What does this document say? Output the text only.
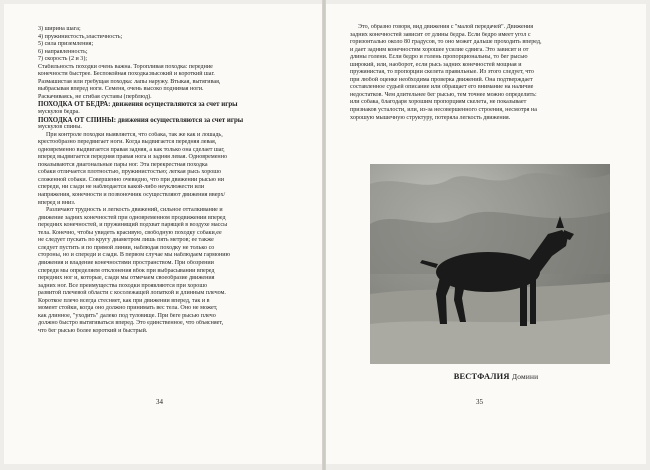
3) ширина шага;
4) пружинистость,эластичность;
5) сила приземления;
6) направленность;
7) скорость (2 и 3);
Стабильность походки очень важна. Торопливая походка: передние
конечности быстрее. Беспокойная походка:высокий и короткий шаг.
Размашистая или гребущая походка: лапы наружу. Втыкая, вытягивая,
выбрасывая вперед ноги. Семеня, очень высоко поднимая ноги.
Раскачиваясь, не сгибая суставы (перблюд).
ПОХОДКА ОТ БЕДРА: движения осуществляются за счет игры
мускулов бедра.
ПОХОДКА ОТ СПИНЫ: движения осуществляются за счет игры
мускулов спины.
При контроле походки выявляется, что собака, так же как и лошадь,
крестообразно передвигает ноги. Когда выдвигается передняя левая,
одновременно выдвигается правая задняя, а как только она сделает шаг,
вперед выдвигается передняя правая нога и задняя левая. Одновременно
показываются диагональные пары ног. Эта перекрестная походка
собаки отличается плотностью, пружинистостью; легкая рысь хорошо
сложенной собаки. Совершенно очевидно, что при движении рысью ни
спереди, ни сзади не наблюдается какой-либо неуклюжести или
напряжения, конечности и позвоночник осуществляют движения вверх/
вперед и вниз.
Различают трудность и легкость движений, сильное отталкивание и
движение задних конечностей при одновременном продвижении вперед
передних конечностей, и пружинящий подхват парящей в воздухе массы
тела. Конечно, чтобы увидеть красивую, свободную походку собаки,ее
не следует пускать по кругу диаметром лишь пять метров; ее также
следует пустить и по прямой линии, наблюдая походку не только со
стороны, но и спереди и сзади. В первом случае мы наблюдаем гармонию
движения и владение конечностями пространством. При обозрении
спереди мы определяем отклонения вбок при выбрасывании вперед
передних ног и, которые, сзади мы отмечаем своеобразие движения
задних ног. Все преимущества походки проявляются при хорошо
развитой плечевой области с косолежащей лопаткой и длинным плечом.
Короткое плечо всегда стесняет, как при движении вперед, так и в
момент стойки, когда оно должно принимать вес тела. Оно не может,
как длинное, "уходить" далеко под туловище. При беге рысью плечо
должно быстро вытягиваться вперед. Это единственное, что объясняет,
что бег рысью более короткий и быстрый.
34
Это, образно говоря, вид движения с "малой передачей". Движения
задних конечностей зависит от длины бедра. Если бедро имеет угол с
горизонталью около 80 градусов, то оно может дальше проходить вперед,
и дает задним конечностям хорошее усилие сдвига. Это зависит и от
длины голени. Если бедро и голень пропорциональны, то бег рысью
широкий, или, наоборот, если рысь задних конечностей мощная и
пружинистая, то пропорции скелета правильные. Из этого следует, что
при любой оценке необходима проверка движений. Она подтверждает
составленное судьей описание или обращает его внимание на наличие
недостатков. Чем длительнее бег рысью, тем точнее можно определить:
или собака, благодаря хорошим пропорциям скелета, не показывает
признаков усталости, или, из-за несовершенного строения, несмотря на
хорошую мышечную структуру, потеряла легкость движения.
ВЕСТФАЛИЯ Домини
35
